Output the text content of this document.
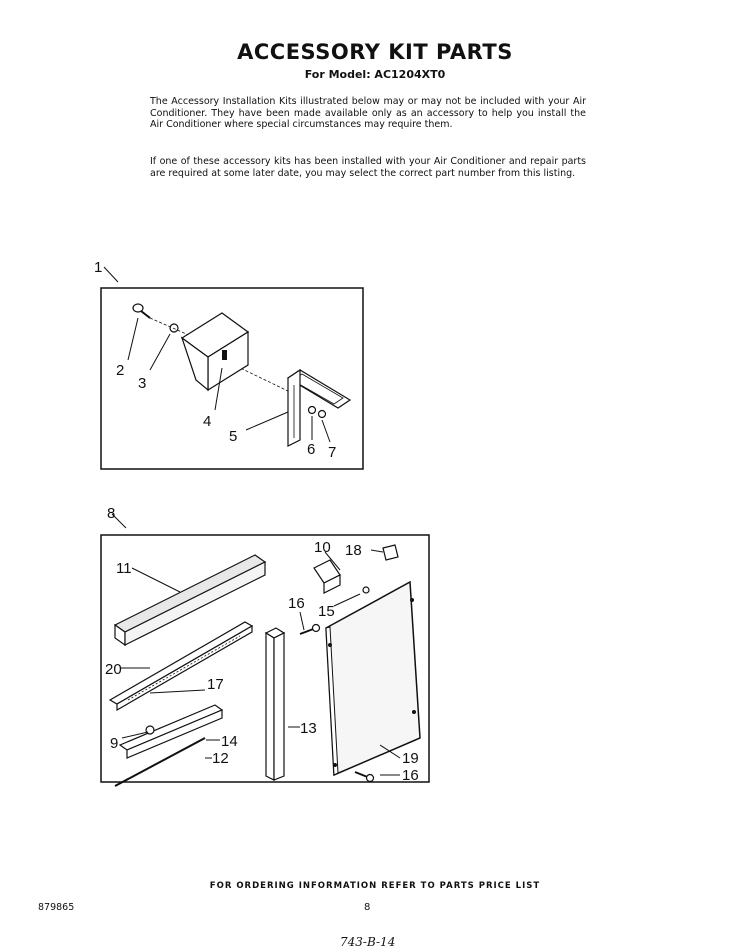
ACCESSORY KIT PARTS
For Model: AC1204XT0
The Accessory Installation Kits illustrated below may or may not be included with your Air Conditioner. They have been made available only as an accessory to help you install the Air Conditioner where special circumstances may require them.
If one of these accessory kits has been installed with your Air Conditioner and repair parts are required at some later date, you may select the correct part number from this listing.
1
2
3
4
5
6 7
8
10 18
11
16 15
20
17
9	14
12
13
19
16
FOR ORDERING INFORMATION REFER TO PARTS PRICE LIST
879865	8
743-B-14
